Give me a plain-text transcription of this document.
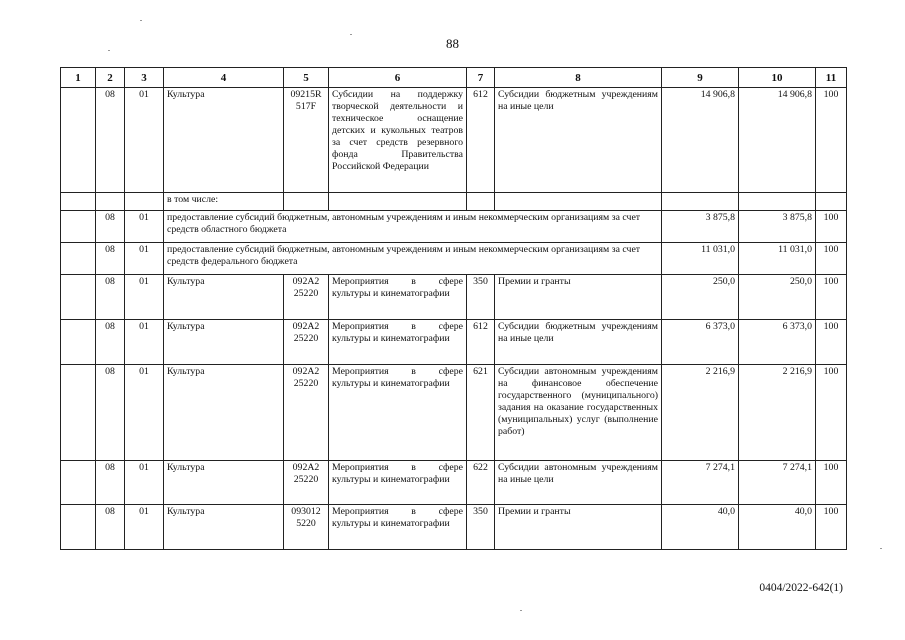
88
1	2	3	4	5	6	7	8	9	10	11
	08	01	Культура	09215R 517F	Субсидии на поддержку творческой деятельности и техническое оснащение детских и кукольных театров за счет средств резервного фонда Правительства Российской Федерации	612	Субсидии бюджетным учреждениям на иные цели	14 906,8	14 906,8	100
			в том числе:							
	08	01	предоставление субсидий бюджетным, автономным учреждениям и иным некоммерческим организациям за счет средств областного бюджета					3 875,8	3 875,8	100
	08	01	предоставление субсидий бюджетным, автономным учреждениям и иным некоммерческим организациям за счет средств федерального бюджета					11 031,0	11 031,0	100
	08	01	Культура	092A2 25220	Мероприятия в сфере культуры и кинематографии	350	Премии и гранты	250,0	250,0	100
	08	01	Культура	092A2 25220	Мероприятия в сфере культуры и кинематографии	612	Субсидии бюджетным учреждениям на иные цели	6 373,0	6 373,0	100
	08	01	Культура	092A2 25220	Мероприятия в сфере культуры и кинематографии	621	Субсидии автономным учреждениям на финансовое обеспечение государственного (муниципального) задания на оказание государственных (муниципальных) услуг (выполнение работ)	2 216,9	2 216,9	100
	08	01	Культура	092A2 25220	Мероприятия в сфере культуры и кинематографии	622	Субсидии автономным учреждениям на иные цели	7 274,1	7 274,1	100
	08	01	Культура	093012 5220	Мероприятия в сфере культуры и кинематографии	350	Премии и гранты	40,0	40,0	100
0404/2022-642(1)
